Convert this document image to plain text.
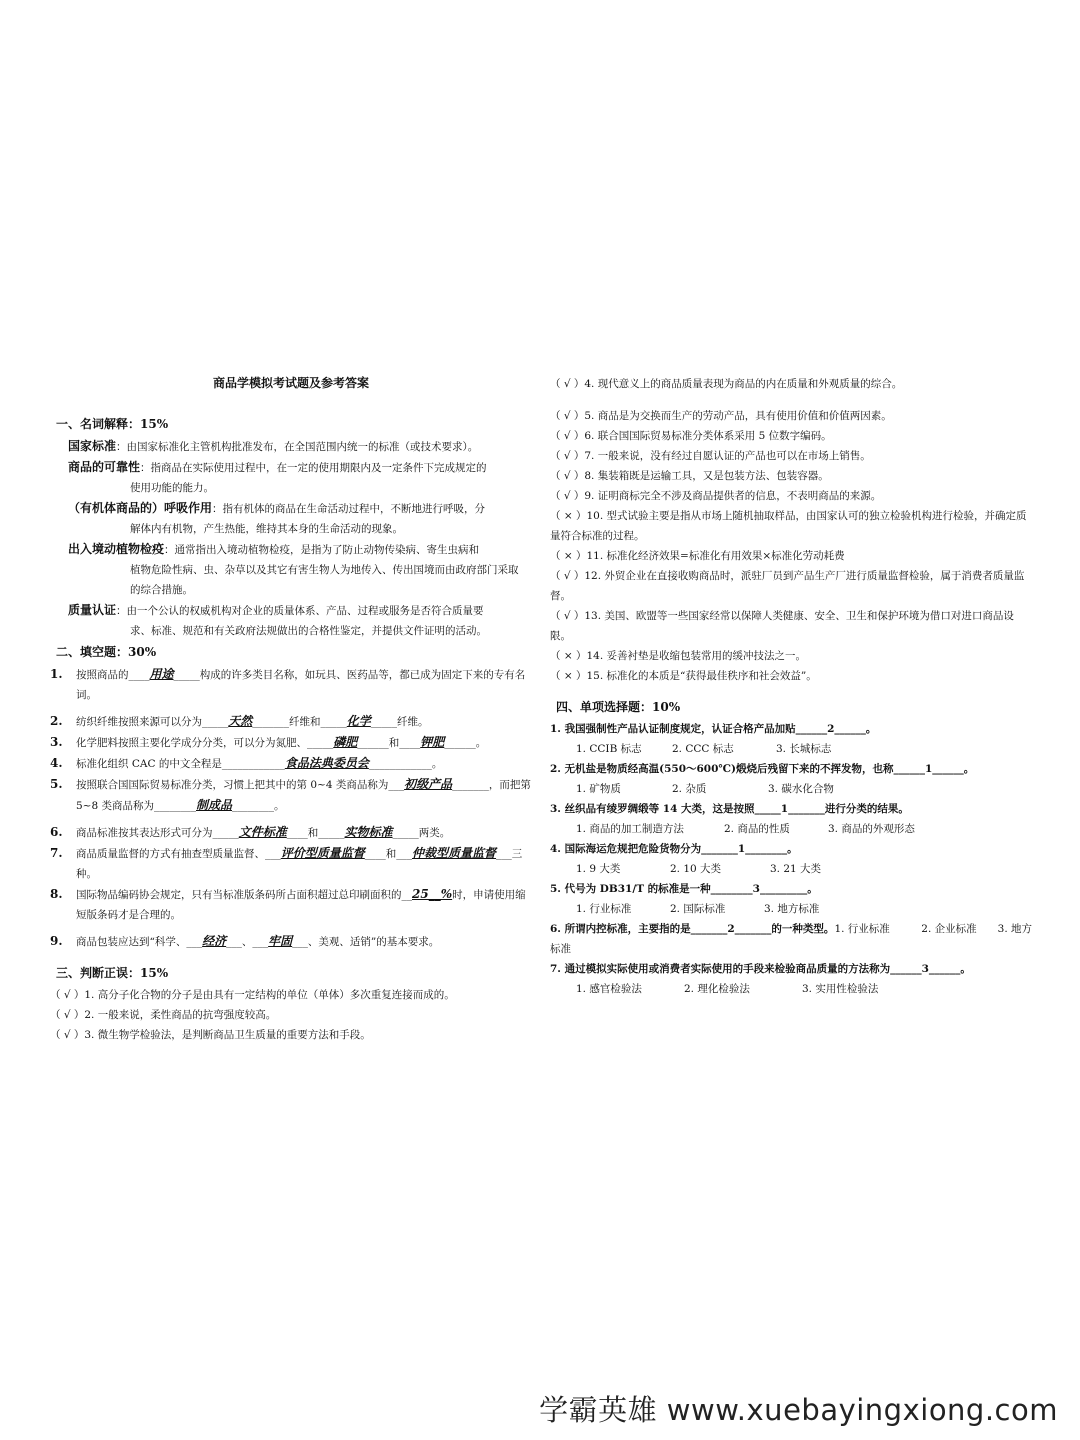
商品学模拟考试题及参考答案
一、名词解释：15%
国家标准：由国家标准化主管机构批准发布，在全国范围内统一的标准（或技术要求）。
商品的可靠性：指商品在实际使用过程中，在一定的使用期限内及一定条件下完成规定的
使用功能的能力。
（有机体商品的）呼吸作用：指有机体的商品在生命活动过程中，不断地进行呼吸，分
解体内有机物，产生热能，维持其本身的生命活动的现象。
出入境动植物检疫：通常指出入境动植物检疫，是指为了防止动物传染病、寄生虫病和
植物危险性病、虫、杂草以及其它有害生物人为地传入、传出国境而由政府部门采取
的综合措施。
质量认证：由一个公认的权威机构对企业的质量体系、产品、过程或服务是否符合质量要
求、标准、规范和有关政府法规做出的合格性鉴定，并提供文件证明的活动。
二、填空题：30%
1.	按照商品的____用途_____构成的许多类目名称，如玩具、医药品等，都已成为固定下来的专有名词。
2.	纺织纤维按照来源可以分为_____天然_______纤维和_____化学_____纤维。
3.	化学肥料按照主要化学成分分类，可以分为氮肥、_____磷肥______和____钾肥______。
4.	标准化组织 CAC 的中文全程是____________食品法典委员会____________。
5.	按照联合国国际贸易标准分类，习惯上把其中的第 0~4 类商品称为___初级产品_______，而把第 5~8 类商品称为________制成品________。
6.	商品标准按其表达形式可分为_____文件标准____和_____实物标准_____两类。
7.	商品质量监督的方式有抽查型质量监督、___评价型质量监督____和___仲裁型质量监督___三种。
8.	国际物品编码协会规定，只有当标准版条码所占面积超过总印刷面积的__25__%时，申请使用缩短版条码才是合理的。
9.	商品包装应达到“科学、___经济___、___牢固___、美观、适销”的基本要求。
三、判断正误：15%
（ √ ）1. 高分子化合物的分子是由具有一定结构的单位（单体）多次重复连接而成的。
（ √ ）2. 一般来说，柔性商品的抗弯强度较高。
（ √ ）3. 微生物学检验法，是判断商品卫生质量的重要方法和手段。
（ √ ）4. 现代意义上的商品质量表现为商品的内在质量和外观质量的综合。
（ √ ）5. 商品是为交换而生产的劳动产品，具有使用价值和价值两因素。
（ √ ）6. 联合国国际贸易标准分类体系采用 5 位数字编码。
（ √ ）7. 一般来说，没有经过自愿认证的产品也可以在市场上销售。
（ √ ）8. 集装箱既是运输工具，又是包装方法、包装容器。
（ √ ）9. 证明商标完全不涉及商品提供者的信息，不表明商品的来源。
（ × ）10. 型式试验主要是指从市场上随机抽取样品，由国家认可的独立检验机构进行检验，并确定质量符合标准的过程。
（ × ）11. 标准化经济效果=标准化有用效果×标准化劳动耗费
（ √ ）12. 外贸企业在直接收购商品时，派驻厂员到产品生产厂进行质量监督检验，属于消费者质量监督。
（ √ ）13. 美国、欧盟等一些国家经常以保障人类健康、安全、卫生和保护环境为借口对进口商品设限。
（ × ）14. 妥善衬垫是收缩包装常用的缓冲技法之一。
（ × ）15. 标准化的本质是“获得最佳秩序和社会效益”。
四、单项选择题：10%
1. 我国强制性产品认证制度规定，认证合格产品加贴______2______。
1. CCIB 标志	2. CCC 标志	3. 长城标志
2. 无机盐是物质经高温(550～600℃)煅烧后残留下来的不挥发物，也称______1______。
1. 矿物质	2. 杂质	3. 碳水化合物
3. 丝织品有绫罗绸缎等 14 大类，这是按照_____1_______进行分类的结果。
1. 商品的加工制造方法	2. 商品的性质	3. 商品的外观形态
4. 国际海运危规把危险货物分为_______1________。
1. 9 大类	2. 10 大类	3. 21 大类
5. 代号为 DB31/T 的标准是一种________3_________。
1. 行业标准	2. 国际标准	3. 地方标准
6. 所谓内控标准，主要指的是_______2_______的一种类型。1. 行业标准　　　2. 企业标准　　3. 地方标准
7. 通过模拟实际使用或消费者实际使用的手段来检验商品质量的方法称为______3______。
1. 感官检验法	2. 理化检验法	3. 实用性检验法
学霸英雄 www.xuebayingxiong.com
